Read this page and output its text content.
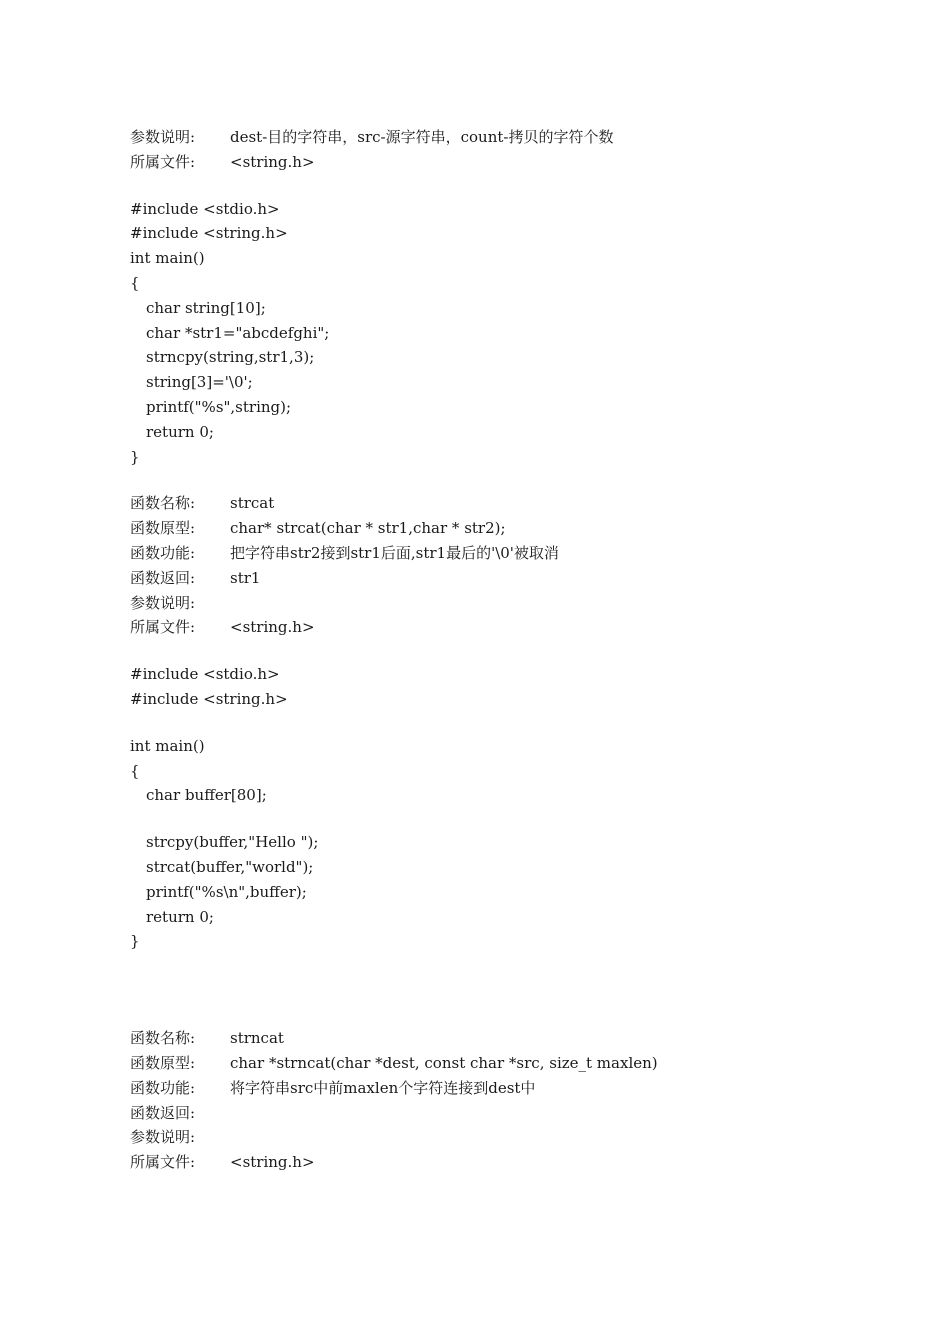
参数说明: dest-目的字符串，src-源字符串，count-拷贝的字符个数
所属文件: <string.h>
#include <stdio.h>
#include <string.h>
int main()
{
char string[10];
char *str1="abcdefghi";
strncpy(string,str1,3);
string[3]='\0';
printf("%s",string);
return 0;
}
函数名称: strcat
函数原型: char* strcat(char * str1,char * str2);
函数功能: 把字符串str2接到str1后面,str1最后的'\0'被取消
函数返回: str1
参数说明:
所属文件: <string.h>
#include <stdio.h>
#include <string.h>
int main()
{
char buffer[80];
strcpy(buffer,"Hello ");
strcat(buffer,"world");
printf("%s\n",buffer);
return 0;
}
函数名称: strncat
函数原型: char *strncat(char *dest, const char *src, size_t maxlen)
函数功能: 将字符串src中前maxlen个字符连接到dest中
函数返回:
参数说明:
所属文件: <string.h>
